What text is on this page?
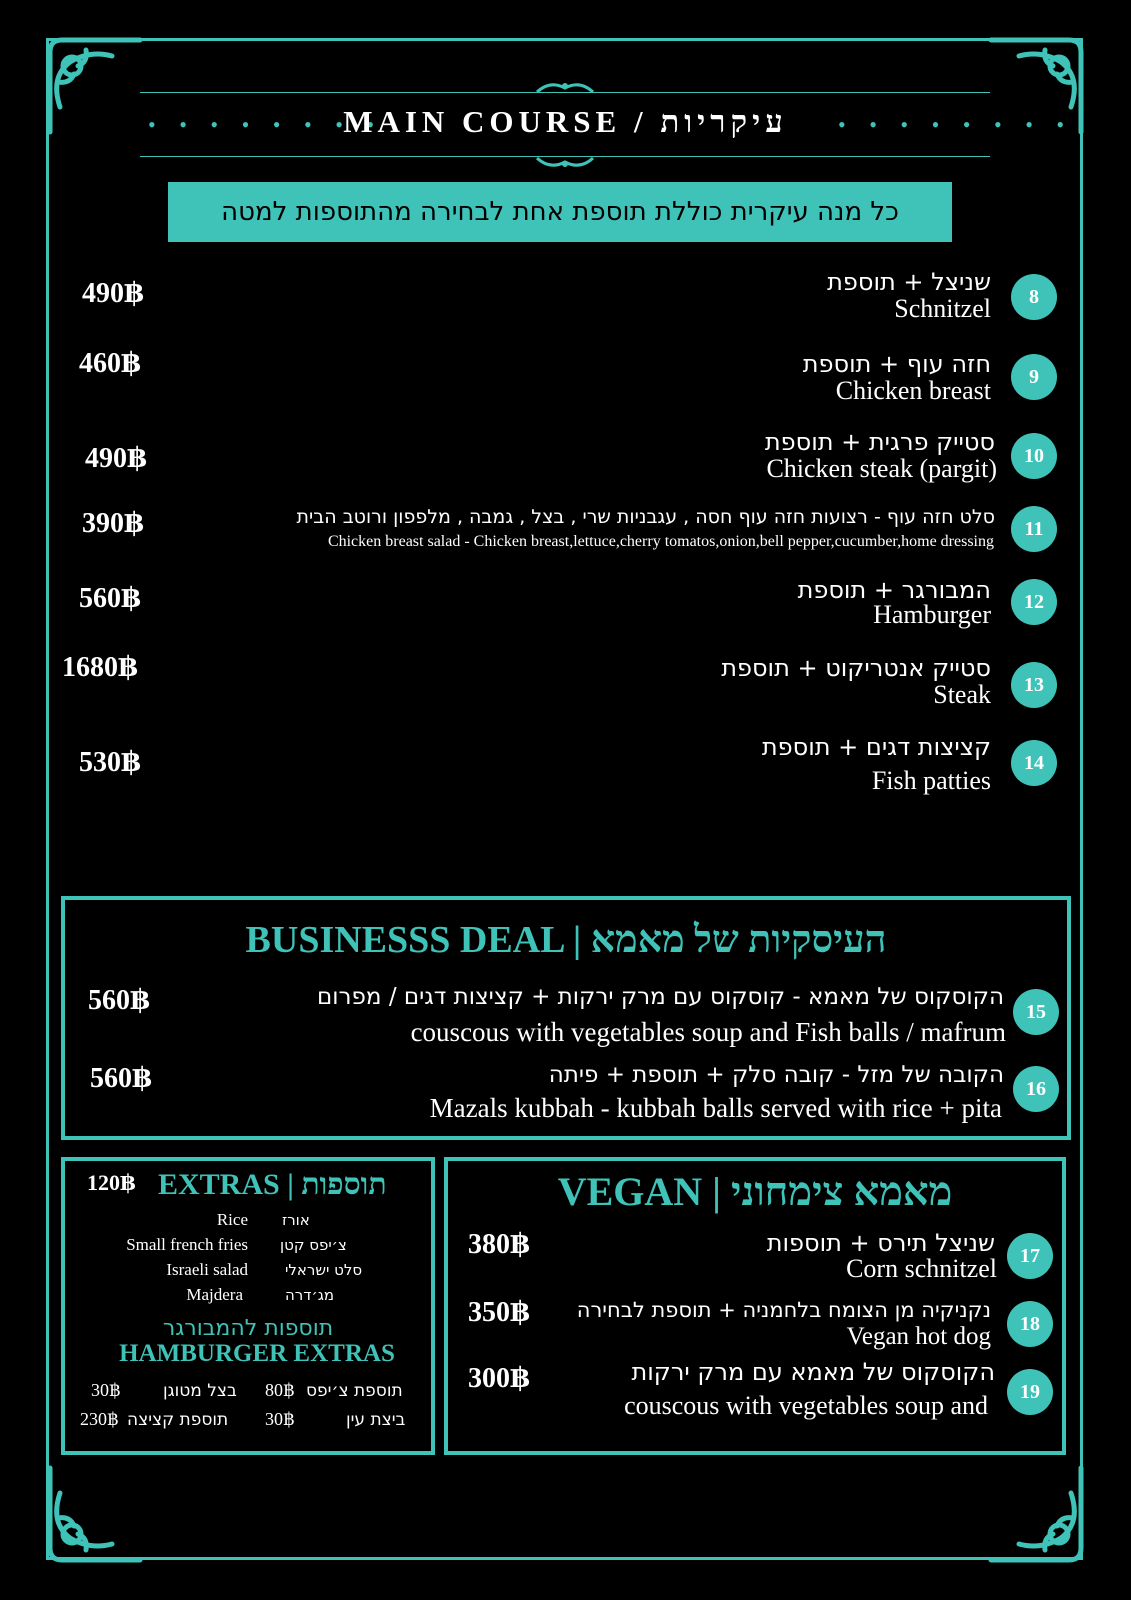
• • • • • • • •
MAIN COURSE / עיקריות	• • • • • • • •
כל מנה עיקרית כוללת תוספת אחת לבחירה מהתוספות למטה
8
שניצל + תוספת
Schnitzel
490฿
9
חזה עוף + תוספת
Chicken breast
460฿
10
סטייק פרגית + תוספת
Chicken steak (pargit)
490฿
11
סלט חזה עוף - רצועות חזה עוף חסה , עגבניות שרי , בצל , גמבה , מלפפון ורוטב הבית
Chicken breast salad - Chicken breast,lettuce,cherry tomatos,onion,bell pepper,cucumber,home dressing
390฿
12
המבורגר + תוספת
Hamburger
560฿
13
סטייק אנטריקוט + תוספת
Steak
1680฿
14
קציצות דגים + תוספת
Fish patties
530฿
BUSINESSS DEAL | העיסקיות של מאמא
15
הקוסקוס של מאמא - קוסקוס עם מרק ירקות + קציצות דגים / מפרום
couscous with vegetables soup and Fish balls / mafrum
560฿
16
הקובה של מזל - קובה סלק + תוספת + פיתה
Mazals kubbah - kubbah balls served with rice + pita
560฿
120฿ EXTRAS | תוספות
Rice אורז
Small french fries צ׳יפס קטן
Israeli salad סלט ישראלי
Majdera	מג׳דרה
תוספות להמבורגר
HAMBURGER EXTRAS
30฿	בצל מטוגן 80฿ תוספת צ׳יפס
230฿ תוספת קציצה 30฿	ביצת עין
VEGAN | מאמא צימחוני
17
שניצל תירס + תוספות
Corn schnitzel
380฿
18
נקניקיה מן הצומח בלחמניה + תוספת לבחירה
Vegan hot dog
350฿
19
הקוסקוס של מאמא עם מרק ירקות
couscous with vegetables soup and
300฿
